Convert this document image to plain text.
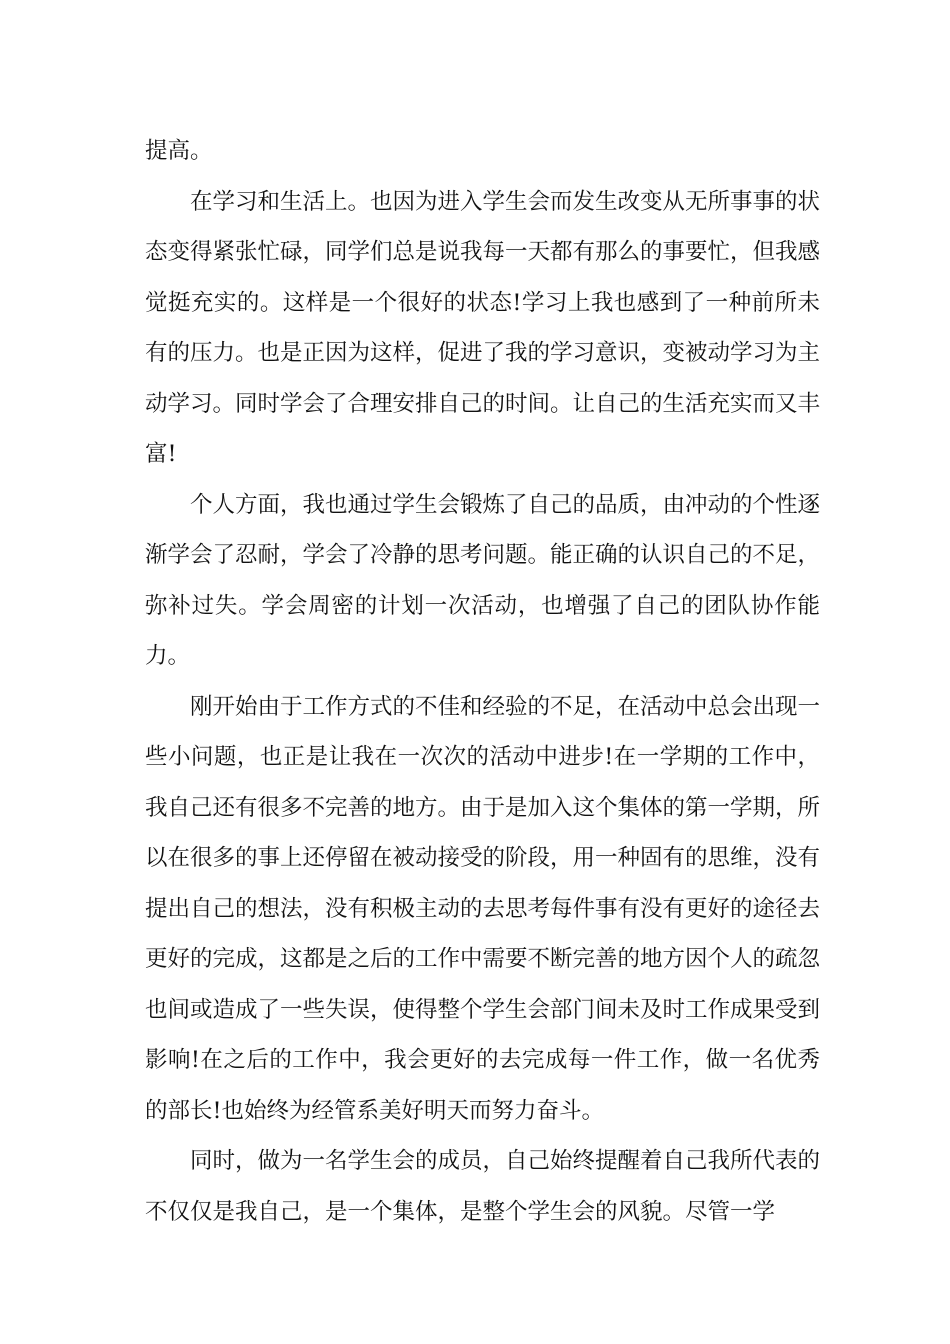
提高。

在学习和生活上。也因为进入学生会而发生改变从无所事事的状态变得紧张忙碌，同学们总是说我每一天都有那么的事要忙，但我感觉挺充实的。这样是一个很好的状态!学习上我也感到了一种前所未有的压力。也是正因为这样，促进了我的学习意识，变被动学习为主动学习。同时学会了合理安排自己的时间。让自己的生活充实而又丰富!

个人方面，我也通过学生会锻炼了自己的品质，由冲动的个性逐渐学会了忍耐，学会了冷静的思考问题。能正确的认识自己的不足，弥补过失。学会周密的计划一次活动，也增强了自己的团队协作能力。

刚开始由于工作方式的不佳和经验的不足，在活动中总会出现一些小问题，也正是让我在一次次的活动中进步!在一学期的工作中，我自己还有很多不完善的地方。由于是加入这个集体的第一学期，所以在很多的事上还停留在被动接受的阶段，用一种固有的思维，没有提出自己的想法，没有积极主动的去思考每件事有没有更好的途径去更好的完成，这都是之后的工作中需要不断完善的地方因个人的疏忽也间或造成了一些失误，使得整个学生会部门间未及时工作成果受到影响!在之后的工作中，我会更好的去完成每一件工作，做一名优秀的部长!也始终为经管系美好明天而努力奋斗。

同时，做为一名学生会的成员，自己始终提醒着自己我所代表的不仅仅是我自己，是一个集体，是整个学生会的风貌。尽管一学
